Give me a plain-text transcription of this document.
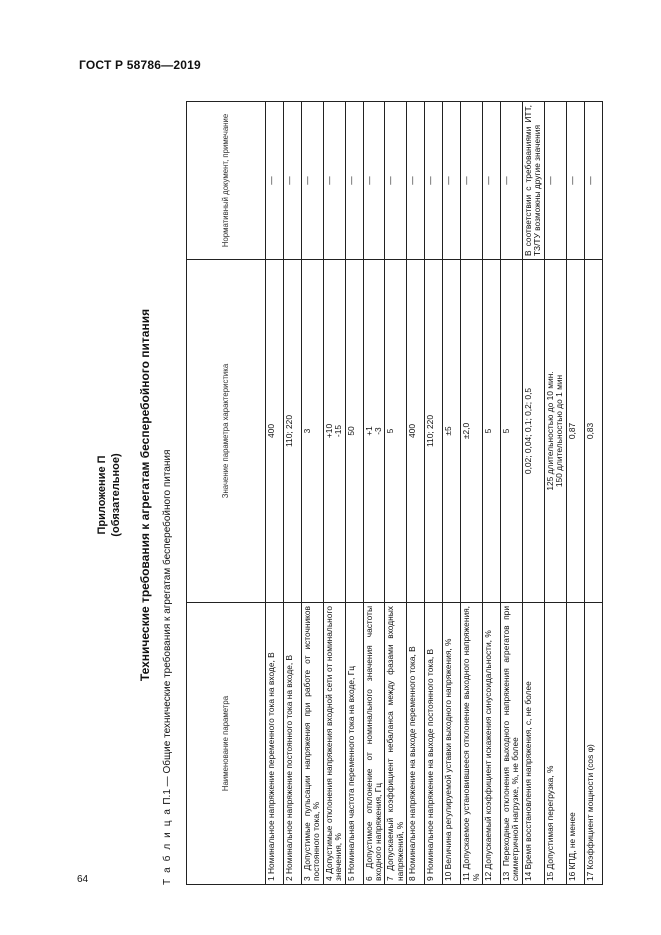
ГОСТ Р 58786—2019
Приложение П (обязательное) Технические требования к агрегатам бесперебойного питания
Т а б л и ц а П.1 — Общие технические требования к агрегатам бесперебойного питания	Наименование параметра	Значение параметра характеристика	Нормативный документ, примечание
1 Номинальное напряжение переменного тока на входе, В	400	—
2 Номинальное напряжение постоянного тока на входе, В	110; 220	—
3 Допустимые пульсации напряжения при работе от источников постоянного тока, %	3	—
4 Допустимые отклонения напряжения входной сети от номинального значения, %	+10
-15	—
5 Номинальная частота переменного тока на входе, Гц	50	—
6 Допустимое отклонение от номинального значения частоты входного напряжения, Гц	+1
-3	—
7 Допускаемый коэффициент небаланса между фазами входных напряжений, %	5	—
8 Номинальное напряжение на выходе переменного тока, В	400	—
9 Номинальное напряжение на выходе постоянного тока, В	110; 220	—
10 Величина регулируемой уставки выходного напряжения, %	±5	—
11 Допускаемое установившееся отклонение выходного напряжения, %	±2,0	—
12 Допускаемый коэффициент искажения синусоидальности, %	5	—
13 Переходные отклонения выходного напряжения агрегатов при симметричной нагрузке, %, не более	5	—
14 Время восстановления напряжения, с, не более	0,02; 0,04; 0,1; 0,2; 0,5	В соответствии с требованиями ИТТ, ТЗ/ТУ возможны другие значения
15 Допустимая перегрузка, %	125 длительностью до 10 мин.
150 длительностью до 1 мин	—
16 КПД, не менее	0,87	—
17 Коэффициент мощности (cos φ)	0,83	—
64
